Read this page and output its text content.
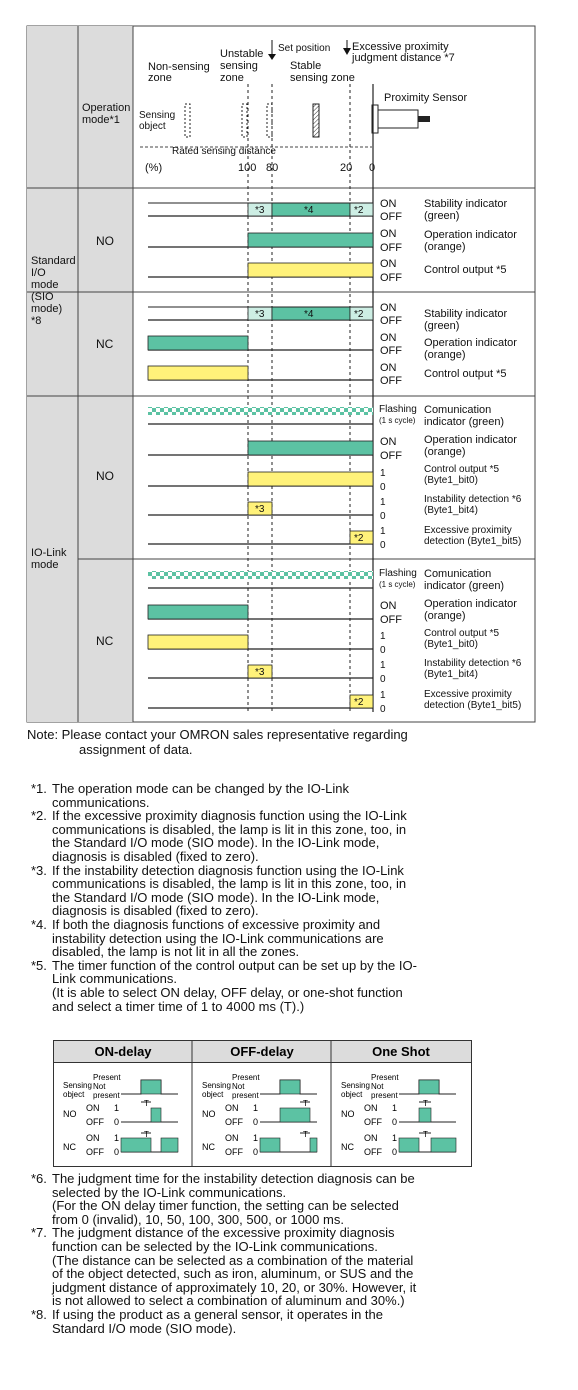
Non-sensing
zone
Unstable
sensing
zone
Set position
Stable
sensing zone
Excessive proximity
judgment distance *7
Proximity Sensor
Operation
mode*1 Sensing
object
Rated sensing distance
(%)	100 80	20 0
*3	*4	*2
NO
*3	*4	*2
NC
ON
OFF
ON
OFF
ON
OFF
ON
OFF
ON
OFF
ON
OFF
Stability indicator
(green)
Operation indicator
(orange)
Control output *5
Stability indicator
(green)
Operation indicator
(orange)
Control output *5
Standard
I/O
mode
(SIO
mode)
*8
IO-Link
mode
*3
*2
NO
*3
*2
NC
Flashing
(1 s cycle)
Flashing
(1 s cycle)
ON
OFF
ON
OFF
1
0
1
0
1
0
1
0
1
0
1
0
Comunication
indicator (green)
Operation indicator
(orange)
Control output *5
(Byte1_bit0)
Instability detection *6
(Byte1_bit4)
Excessive proximity
detection (Byte1_bit5)
Comunication
indicator (green)
Operation indicator
(orange)
Control output *5
(Byte1_bit0)
Instability detection *6
(Byte1_bit4)
Excessive proximity
detection (Byte1_bit5)
Note: Please contact your OMRON sales representative regarding
assignment of data.
*1. The operation mode can be changed by the IO-Link
communications.
*2. If the excessive proximity diagnosis function using the IO-Link
communications is disabled, the lamp is lit in this zone, too, in
the Standard I/O mode (SIO mode). In the IO-Link mode,
diagnosis is disabled (fixed to zero).
*3. If the instability detection diagnosis function using the IO-Link
communications is disabled, the lamp is lit in this zone, too, in
the Standard I/O mode (SIO mode). In the IO-Link mode,
diagnosis is disabled (fixed to zero).
*4. If both the diagnosis functions of excessive proximity and
instability detection using the IO-Link communications are
disabled, the lamp is not lit in all the zones.
*5. The timer function of the control output can be set up by the IO-
Link communications.
(It is able to select ON delay, OFF delay, or one-shot function
and select a timer time of 1 to 4000 ms (T).)
ON-delay	OFF-delay	One Shot
Present
Not
present
Sensing
object
NO
NC
ON
OFF
ON
OFF
1
0
1
0
T
T
Present
Not
present
Sensing
object
NO
NC
ON
OFF
ON
OFF
1
0
1
0
T
T
Present
Not
present
Sensing
object
NO
NC
ON
OFF
ON
OFF
1
0
1
0
T
T
*6. The judgment time for the instability detection diagnosis can be
selected by the IO-Link communications.
(For the ON delay timer function, the setting can be selected
from 0 (invalid), 10, 50, 100, 300, 500, or 1000 ms.
*7. The judgment distance of the excessive proximity diagnosis
function can be selected by the IO-Link communications.
(The distance can be selected as a combination of the material
of the object detected, such as iron, aluminum, or SUS and the
judgment distance of approximately 10, 20, or 30%. However, it
is not allowed to select a combination of aluminum and 30%.)
*8. If using the product as a general sensor, it operates in the
Standard I/O mode (SIO mode).
